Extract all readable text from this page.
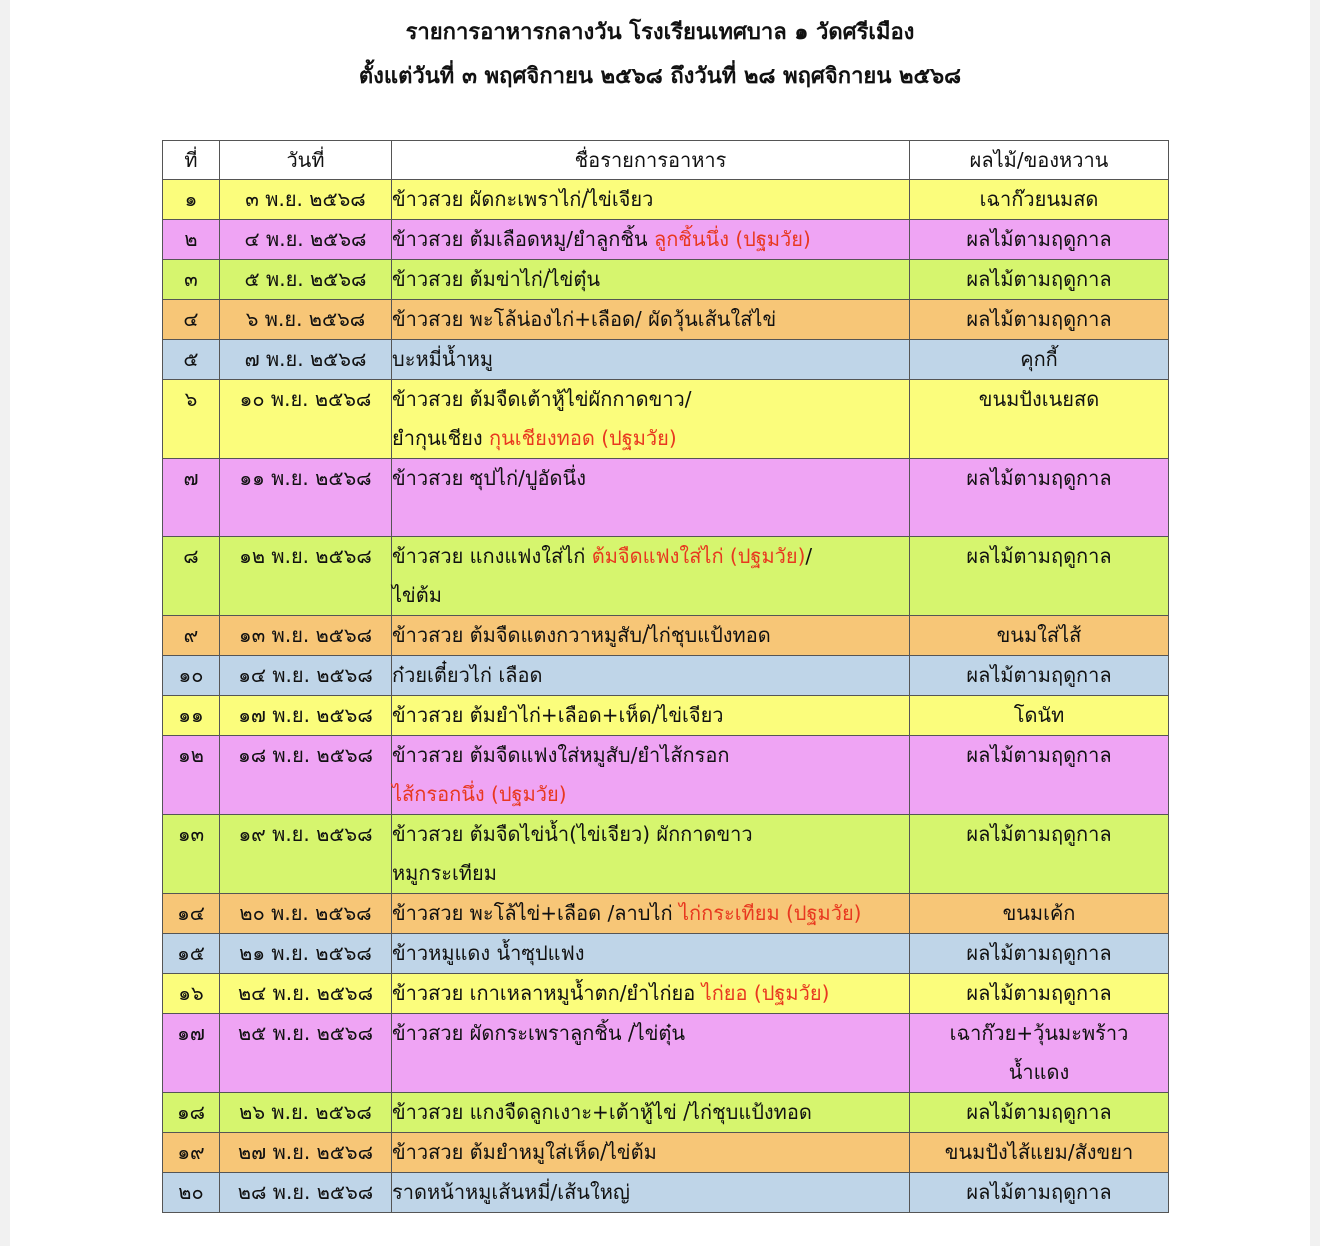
รายการอาหารกลางวัน โรงเรียนเทศบาล ๑ วัดศรีเมือง
ตั้งแต่วันที่ ๓ พฤศจิกายน ๒๕๖๘ ถึงวันที่ ๒๘ พฤศจิกายน ๒๕๖๘
ที่	วันที่	ชื่อรายการอาหาร	ผลไม้/ของหวาน
๑	๓ พ.ย. ๒๕๖๘	ข้าวสวย ผัดกะเพราไก่/ไข่เจียว	เฉาก๊วยนมสด

๒	๔ พ.ย. ๒๕๖๘	ข้าวสวย ต้มเลือดหมู/ยำลูกชิ้น ลูกชิ้นนึ่ง (ปฐมวัย)	ผลไม้ตามฤดูกาล

๓	๕ พ.ย. ๒๕๖๘	ข้าวสวย ต้มข่าไก่/ไข่ตุ๋น	ผลไม้ตามฤดูกาล

๔	๖ พ.ย. ๒๕๖๘	ข้าวสวย พะโล้น่องไก่+เลือด/ ผัดวุ้นเส้นใส่ไข่	ผลไม้ตามฤดูกาล

๕	๗ พ.ย. ๒๕๖๘	บะหมี่น้ำหมู	คุกกี้

๖	๑๐ พ.ย. ๒๕๖๘	ข้าวสวย ต้มจืดเต้าหู้ไข่ผักกาดขาว/
ยำกุนเชียง กุนเชียงทอด (ปฐมวัย)	ขนมปังเนยสด

๗	๑๑ พ.ย. ๒๕๖๘	ข้าวสวย ซุปไก่/ปูอัดนึ่ง	ผลไม้ตามฤดูกาล

๘	๑๒ พ.ย. ๒๕๖๘	ข้าวสวย แกงแฟงใส่ไก่ ต้มจืดแฟงใส่ไก่ (ปฐมวัย)/
ไข่ต้ม	ผลไม้ตามฤดูกาล

๙	๑๓ พ.ย. ๒๕๖๘	ข้าวสวย ต้มจืดแตงกวาหมูสับ/ไก่ชุบแป้งทอด	ขนมใส่ไส้

๑๐	๑๔ พ.ย. ๒๕๖๘	ก๋วยเตี๋ยวไก่ เลือด	ผลไม้ตามฤดูกาล

๑๑	๑๗ พ.ย. ๒๕๖๘	ข้าวสวย ต้มยำไก่+เลือด+เห็ด/ไข่เจียว	โดนัท

๑๒	๑๘ พ.ย. ๒๕๖๘	ข้าวสวย ต้มจืดแฟงใส่หมูสับ/ยำไส้กรอก
ไส้กรอกนึ่ง (ปฐมวัย)	ผลไม้ตามฤดูกาล

๑๓	๑๙ พ.ย. ๒๕๖๘	ข้าวสวย ต้มจืดไข่น้ำ(ไข่เจียว) ผักกาดขาว
หมูกระเทียม	ผลไม้ตามฤดูกาล

๑๔	๒๐ พ.ย. ๒๕๖๘	ข้าวสวย พะโล้ไข่+เลือด /ลาบไก่ ไก่กระเทียม (ปฐมวัย)	ขนมเค้ก

๑๕	๒๑ พ.ย. ๒๕๖๘	ข้าวหมูแดง น้ำซุปแฟง	ผลไม้ตามฤดูกาล

๑๖	๒๔ พ.ย. ๒๕๖๘	ข้าวสวย เกาเหลาหมูน้ำตก/ยำไก่ยอ ไก่ยอ (ปฐมวัย)	ผลไม้ตามฤดูกาล

๑๗	๒๕ พ.ย. ๒๕๖๘	ข้าวสวย ผัดกระเพราลูกชิ้น /ไข่ตุ๋น	เฉาก๊วย+วุ้นมะพร้าว
น้ำแดง

๑๘	๒๖ พ.ย. ๒๕๖๘	ข้าวสวย แกงจืดลูกเงาะ+เต้าหู้ไข่ /ไก่ชุบแป้งทอด	ผลไม้ตามฤดูกาล

๑๙	๒๗ พ.ย. ๒๕๖๘	ข้าวสวย ต้มยำหมูใส่เห็ด/ไข่ต้ม	ขนมปังไส้แยม/สังขยา

๒๐	๒๘ พ.ย. ๒๕๖๘	ราดหน้าหมูเส้นหมี่/เส้นใหญ่	ผลไม้ตามฤดูกาล
